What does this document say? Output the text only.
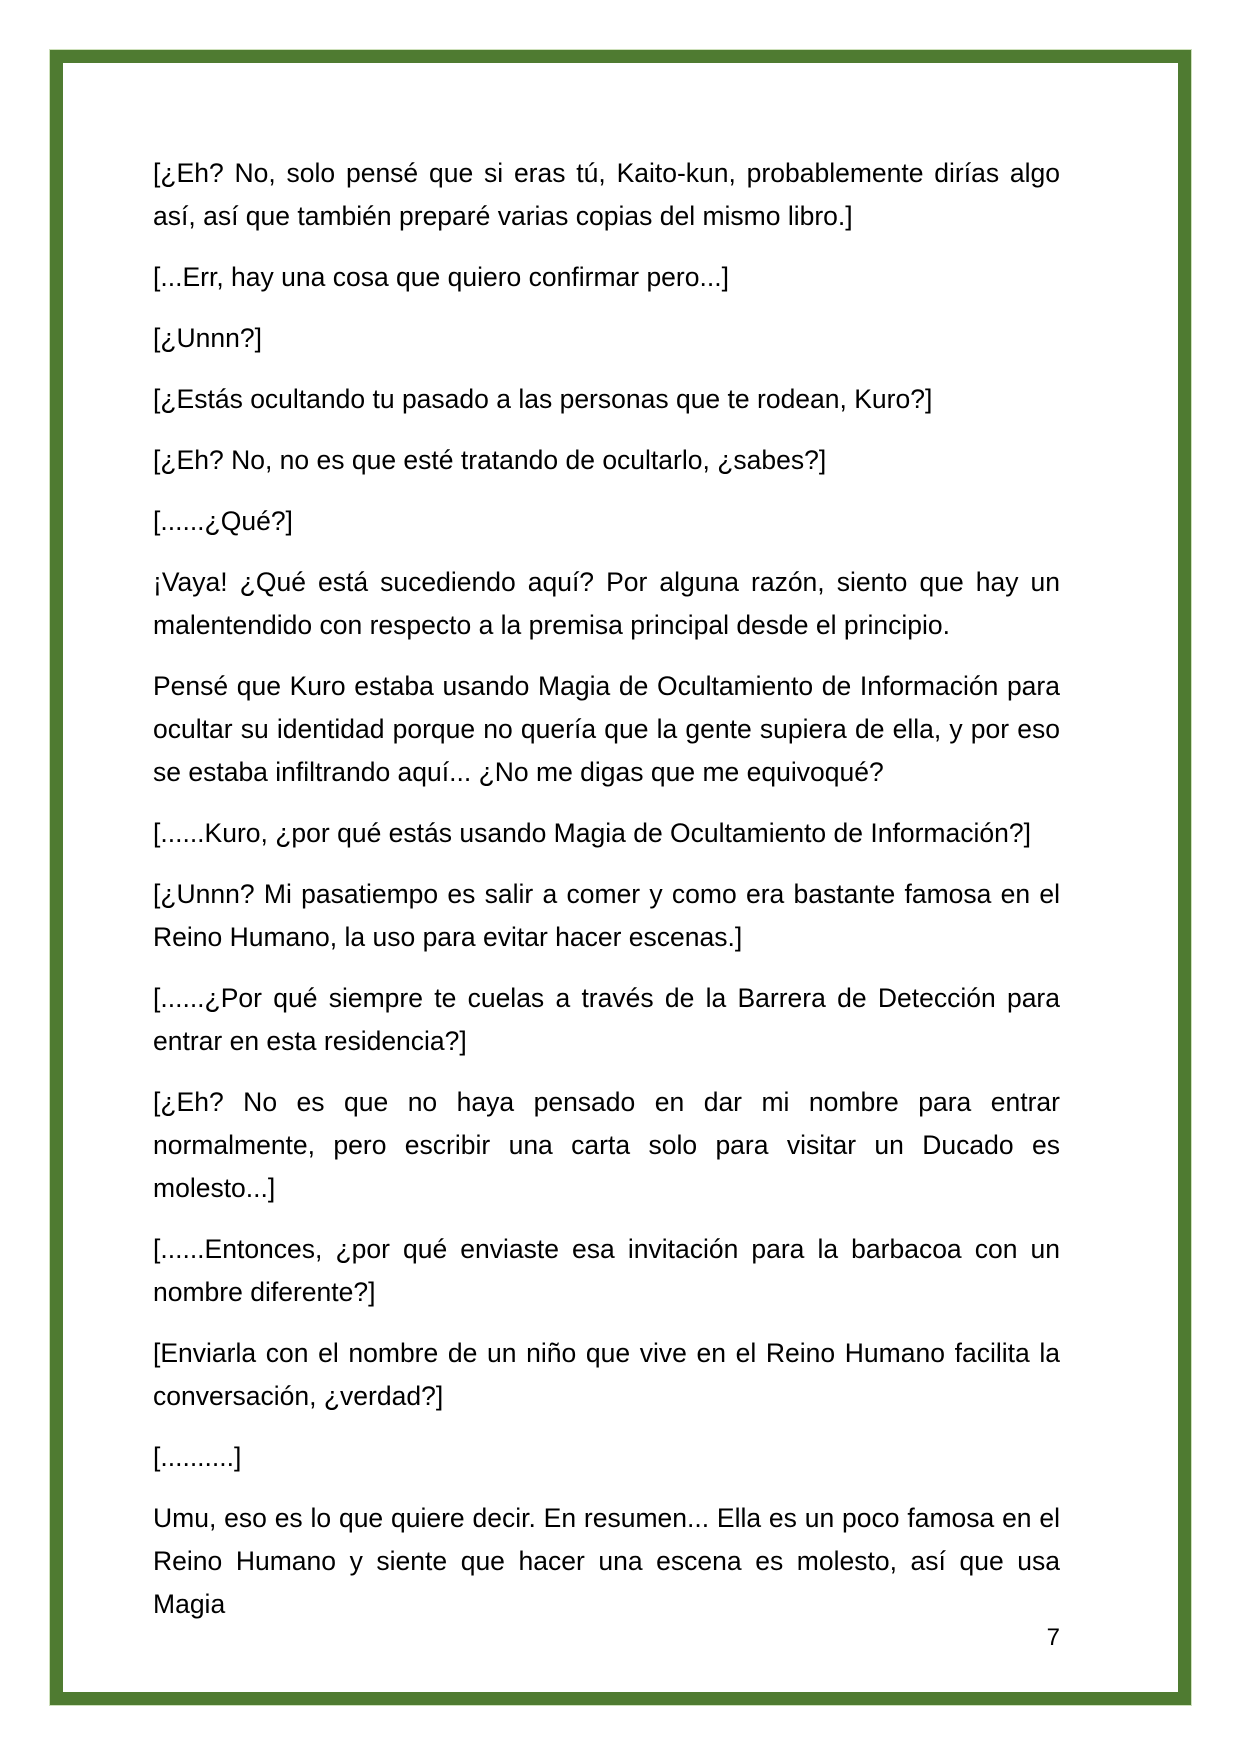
[¿Eh? No, solo pensé que si eras tú, Kaito-kun, probablemente dirías algo así, así que también preparé varias copias del mismo libro.]

[...Err, hay una cosa que quiero confirmar pero...]

[¿Unnn?]

[¿Estás ocultando tu pasado a las personas que te rodean, Kuro?]

[¿Eh? No, no es que esté tratando de ocultarlo, ¿sabes?]

[......¿Qué?]

¡Vaya! ¿Qué está sucediendo aquí? Por alguna razón, siento que hay un malentendido con respecto a la premisa principal desde el principio.

Pensé que Kuro estaba usando Magia de Ocultamiento de Información para ocultar su identidad porque no quería que la gente supiera de ella, y por eso se estaba infiltrando aquí... ¿No me digas que me equivoqué?

[......Kuro, ¿por qué estás usando Magia de Ocultamiento de Información?]

[¿Unnn? Mi pasatiempo es salir a comer y como era bastante famosa en el Reino Humano, la uso para evitar hacer escenas.]

[......¿Por qué siempre te cuelas a través de la Barrera de Detección para entrar en esta residencia?]

[¿Eh? No es que no haya pensado en dar mi nombre para entrar normalmente, pero escribir una carta solo para visitar un Ducado es molesto...]

[......Entonces, ¿por qué enviaste esa invitación para la barbacoa con un nombre diferente?]

[Enviarla con el nombre de un niño que vive en el Reino Humano facilita la conversación, ¿verdad?]

[..........]

Umu, eso es lo que quiere decir. En resumen... Ella es un poco famosa en el Reino Humano y siente que hacer una escena es molesto, así que usa Magia

7
